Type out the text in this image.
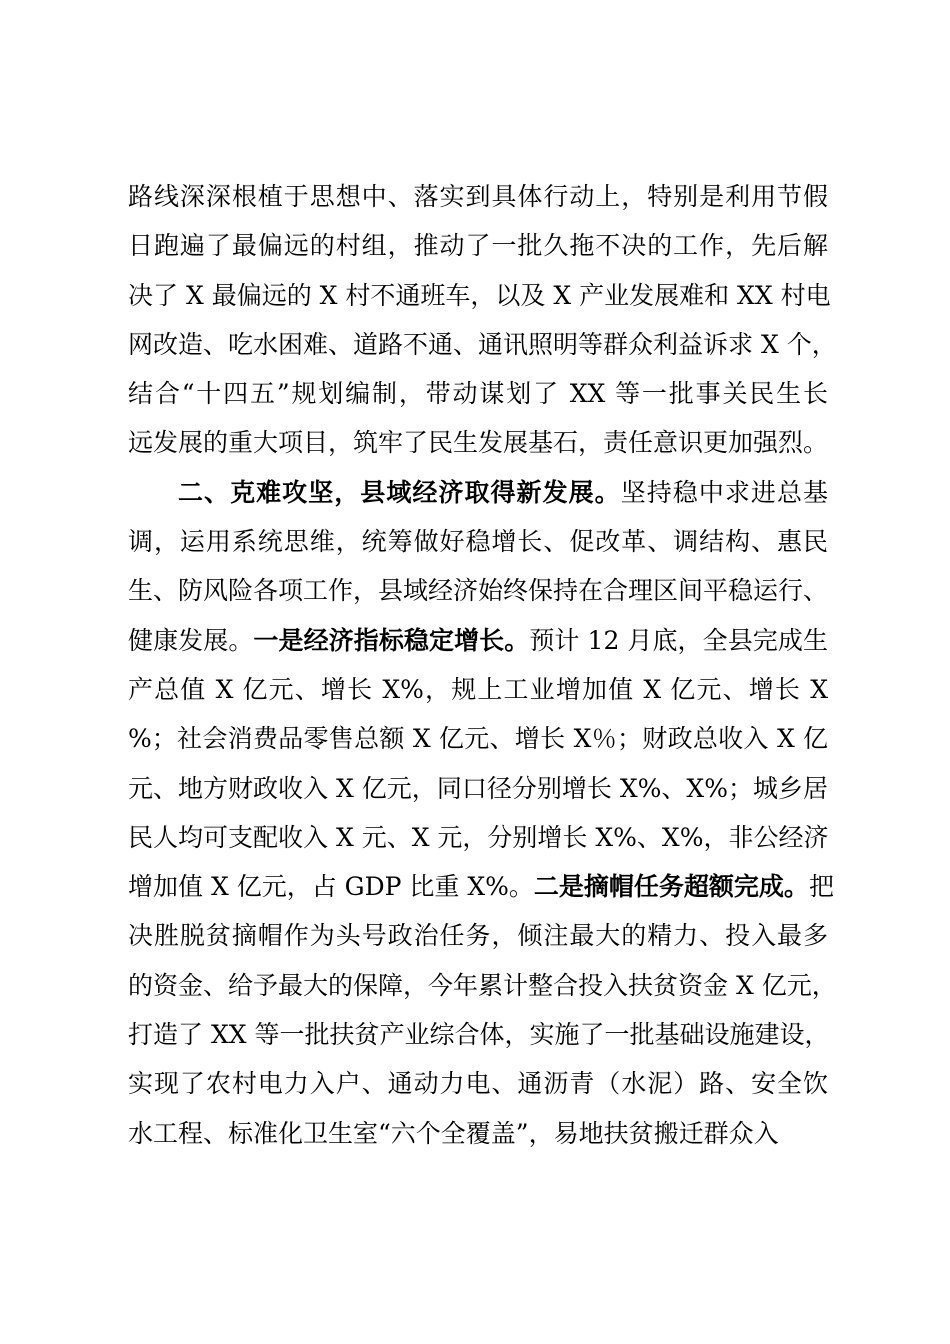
路线深深根植于思想中、落实到具体行动上，特别是利用节假
日跑遍了最偏远的村组，推动了一批久拖不决的工作，先后解
决了 X 最偏远的 X 村不通班车，以及 X 产业发展难和 XX 村电
网改造、吃水困难、道路不通、通讯照明等群众利益诉求 X 个，
结合“十四五”规划编制，带动谋划了 XX 等一批事关民生长
远发展的重大项目，筑牢了民生发展基石，责任意识更加强烈。
二、克难攻坚，县域经济取得新发展。坚持稳中求进总基
调，运用系统思维，统筹做好稳增长、促改革、调结构、惠民
生、防风险各项工作，县域经济始终保持在合理区间平稳运行、
健康发展。一是经济指标稳定增长。预计 12 月底，全县完成生
产总值 X 亿元、增长 X%，规上工业增加值 X 亿元、增长 X
%；社会消费品零售总额 X 亿元、增长 X％；财政总收入 X 亿
元、地方财政收入 X 亿元，同口径分别增长 X%、X%；城乡居
民人均可支配收入 X 元、X 元，分别增长 X%、X%，非公经济
增加值 X 亿元，占 GDP 比重 X%。二是摘帽任务超额完成。把
决胜脱贫摘帽作为头号政治任务，倾注最大的精力、投入最多
的资金、给予最大的保障，今年累计整合投入扶贫资金 X 亿元，
打造了 XX 等一批扶贫产业综合体，实施了一批基础设施建设，
实现了农村电力入户、通动力电、通沥青（水泥）路、安全饮
水工程、标准化卫生室“六个全覆盖”，易地扶贫搬迁群众入
